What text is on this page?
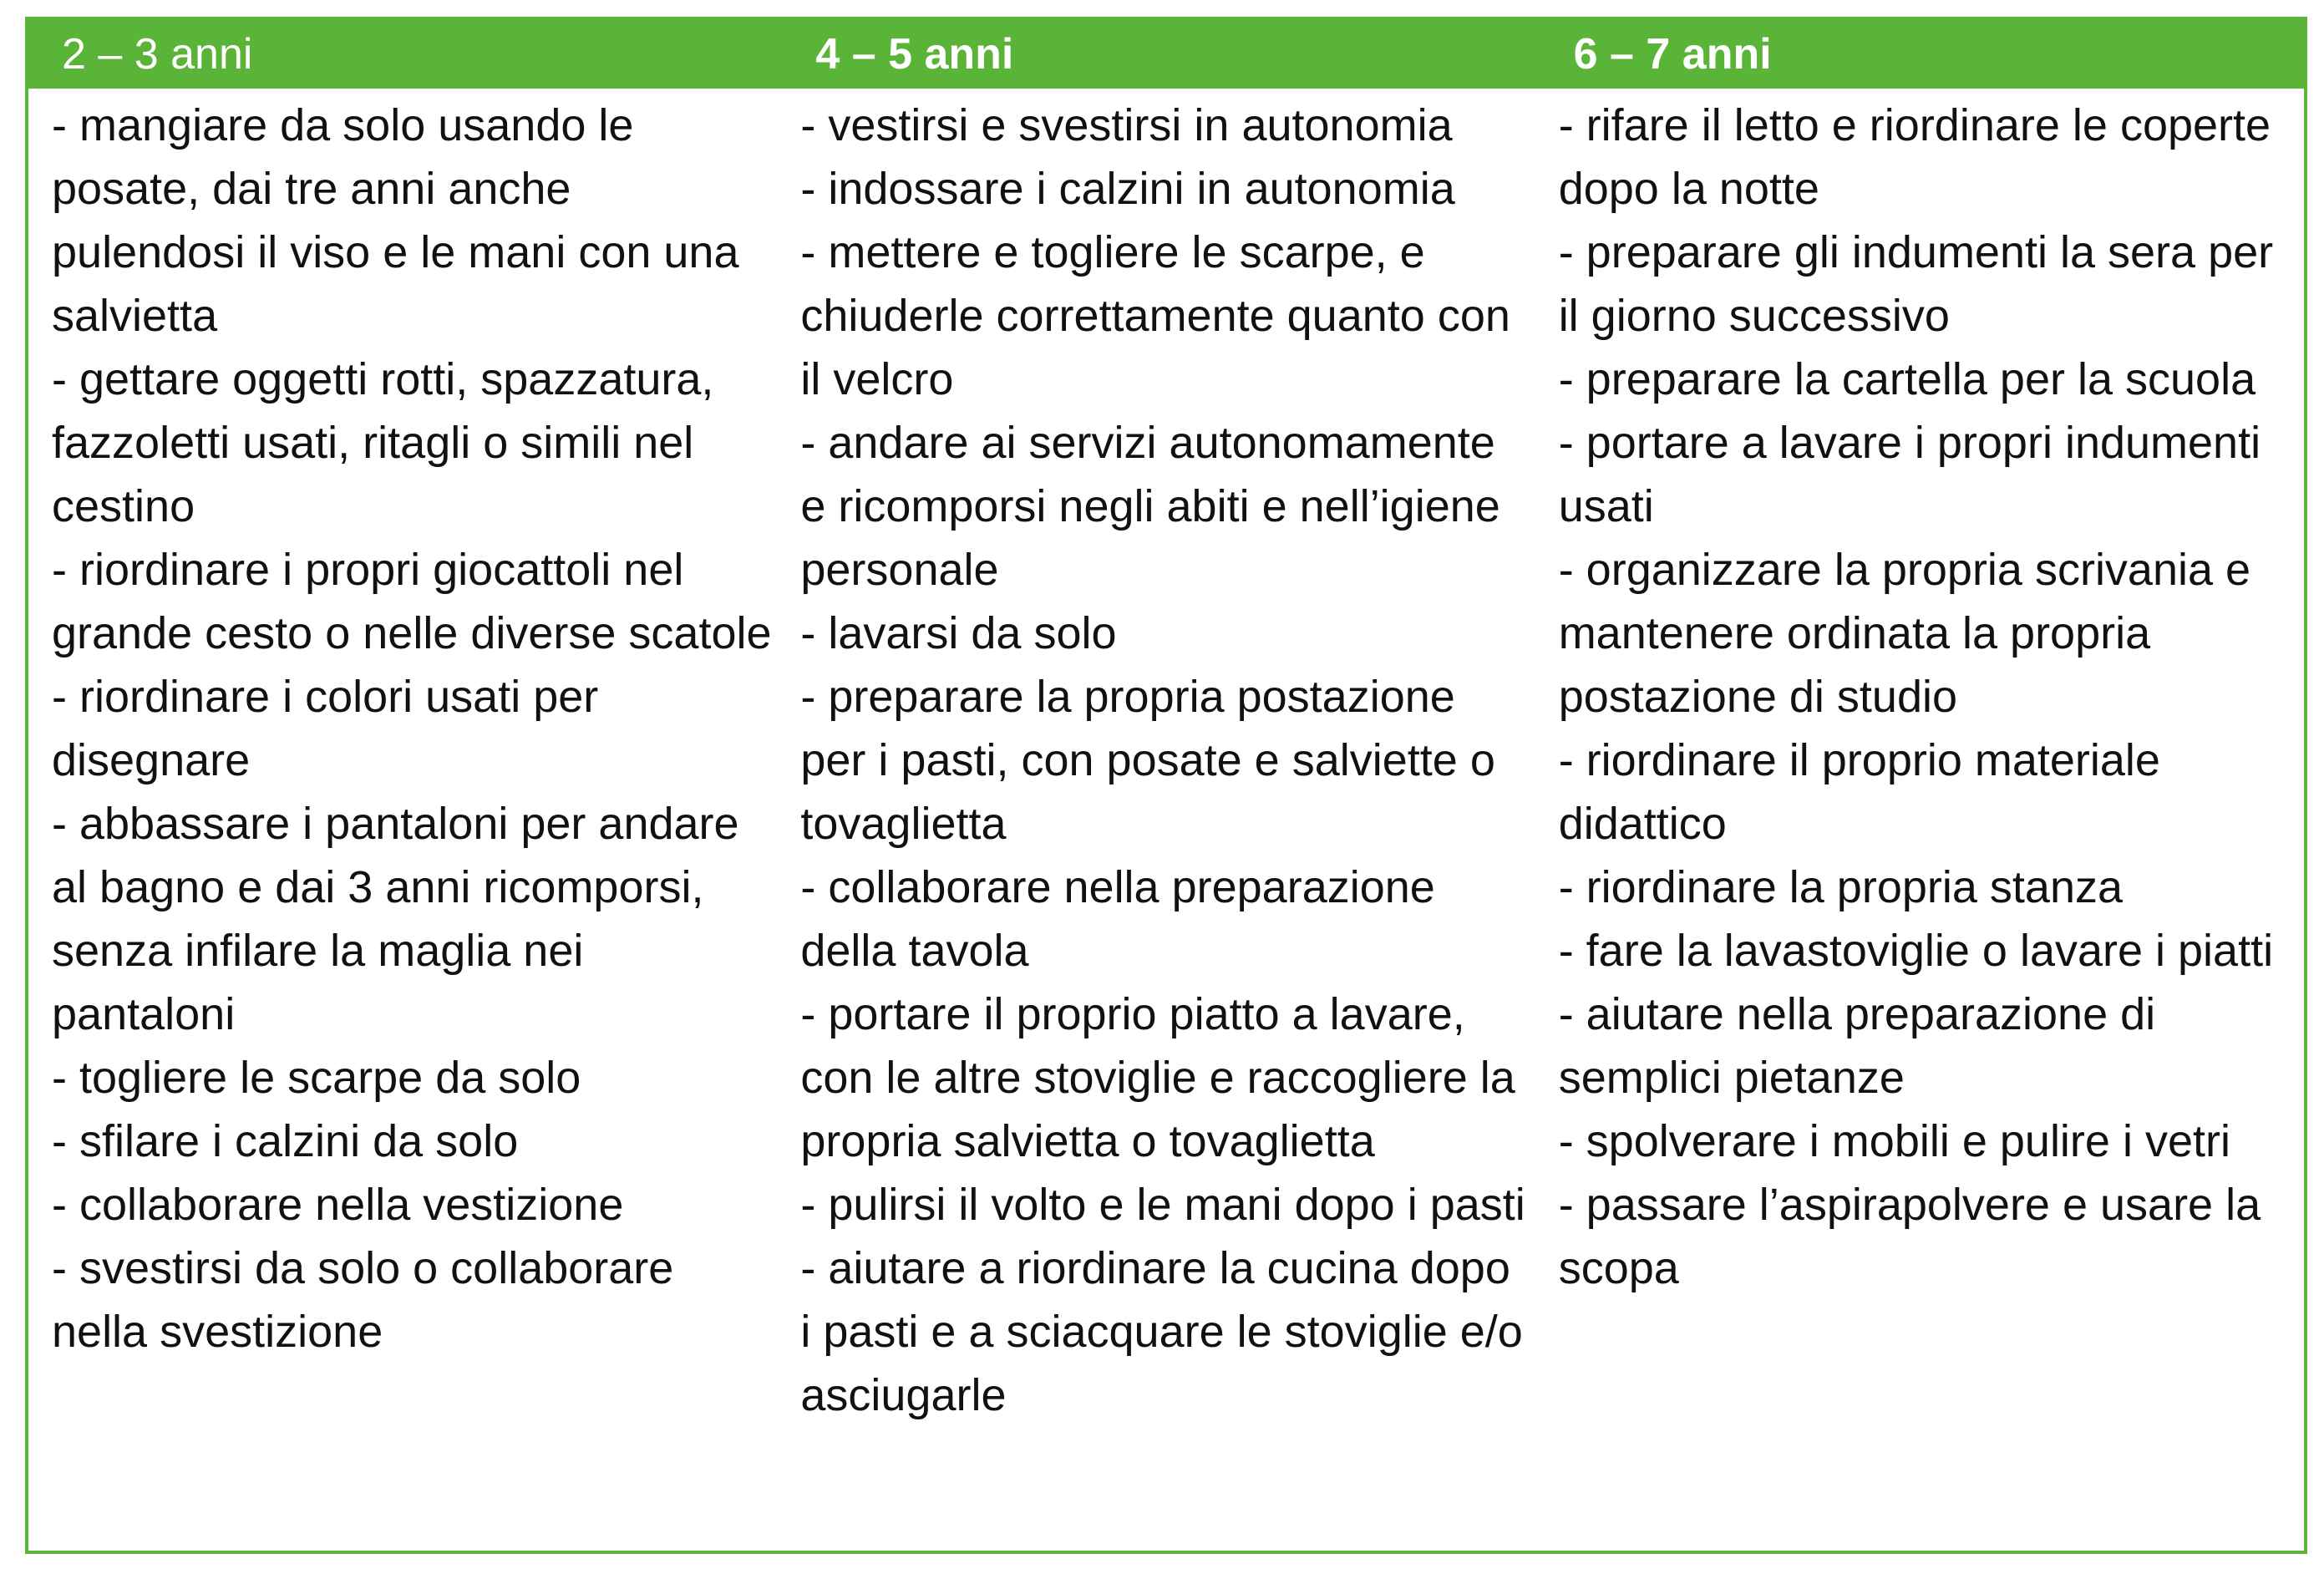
2 – 3 anni	4 – 5 anni	6 – 7 anni
- mangiare da solo usando le posate, dai tre anni anche pulendosi il viso e le mani con una salvietta
- gettare oggetti rotti, spazzatura, fazzoletti usati, ritagli o simili nel cestino
- riordinare i propri giocattoli nel grande cesto o nelle diverse scatole
- riordinare i colori usati per disegnare
- abbassare i pantaloni per andare al bagno e dai 3 anni ricomporsi, senza infilare la maglia nei pantaloni
- togliere le scarpe da solo
- sfilare i calzini da solo
- collaborare nella vestizione
- svestirsi da solo o collaborare nella svestizione
- vestirsi e svestirsi in autonomia
- indossare i calzini in autonomia
- mettere e togliere le scarpe, e chiuderle correttamente quanto con il velcro
- andare ai servizi autonomamente e ricomporsi negli abiti e nell’igiene personale
- lavarsi da solo
- preparare la propria postazione per i pasti, con posate e salviette o tovaglietta
- collaborare nella preparazione della tavola
- portare il proprio piatto a lavare, con le altre stoviglie e raccogliere la propria salvietta o tovaglietta
- pulirsi il volto e le mani dopo i pasti
- aiutare a riordinare la cucina dopo i pasti e a sciacquare le stoviglie e/o asciugarle
- rifare il letto e riordinare le coperte dopo la notte
- preparare gli indumenti la sera per il giorno successivo
- preparare la cartella per la scuola
- portare a lavare i propri indumenti usati
- organizzare la propria scrivania e mantenere ordinata la propria postazione di studio
- riordinare il proprio materiale didattico
- riordinare la propria stanza
- fare la lavastoviglie o lavare i piatti
- aiutare nella preparazione di semplici pietanze
- spolverare i mobili e pulire i vetri
- passare l’aspirapolvere e usare la scopa
